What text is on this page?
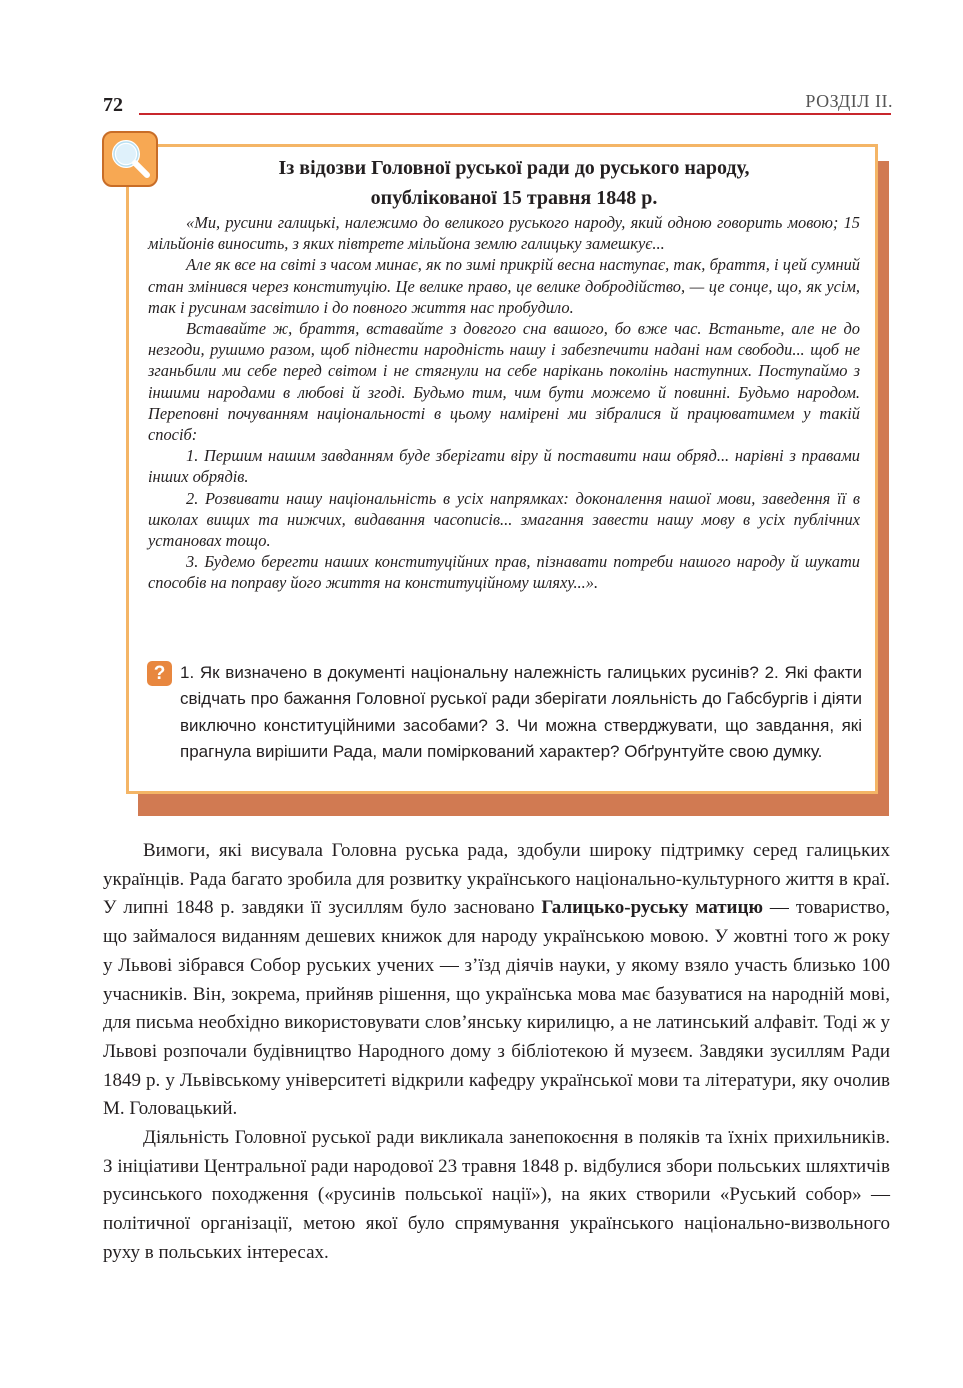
72	РОЗДІЛ II.
Із відозви Головної руської ради до руського народу,
опублікованої 15 травня 1848 р.

«Ми, русини галицькі, належимо до великого руського народу, який одною говорить мовою; 15 мільйонів виносить, з яких півтрете мільйона землю галицьку замешкує...

Але як все на світі з часом минає, як по зимі прикрій весна наступає, так, браття, і цей сумний стан змінився через конституцію. Це велике право, це велике добродійство, — це сонце, що, як усім, так і русинам засвітило і до повного життя нас пробудило.

Вставайте ж, браття, вставайте з довгого сна вашого, бо вже час. Встаньте, але не до незгоди, рушимо разом, щоб піднести народність нашу і забезпечити надані нам свободи... щоб не зганьбили ми себе перед світом і не стягнули на себе нарікань поколінь наступних. Поступаймо з іншими народами в любові й згоді. Будьмо тим, чим бути можемо й повинні. Будьмо народом. Переповні почуванням національності в цьому намірені ми зібралися й працюватимем у такій спосіб:

1. Першим нашим завданням буде зберігати віру й поставити наш обряд... нарівні з правами інших обрядів.

2. Розвивати нашу національність в усіх напрямках: доконалення нашої мови, заведення її в школах вищих та нижчих, видавання часописів... змагання завести нашу мову в усіх публічних установах тощо.

3. Будемо берегти наших конституційних прав, пізнавати потреби нашого народу й шукати способів на поправу його життя на конституційному шляху...».

? 1. Як визначено в документі національну належність галицьких русинів? 2. Які факти свідчать про бажання Головної руської ради зберігати лояльність до Габсбургів і діяти виключно конституційними засобами? 3. Чи можна стверджувати, що завдання, які прагнула вирішити Рада, мали поміркований характер? Обґрунтуйте свою думку.

Вимоги, які висувала Головна руська рада, здобули широку підтримку серед галицьких українців. Рада багато зробила для розвитку українського національно-культурного життя в краї. У липні 1848 р. завдяки її зусиллям було засновано Галицько-руську матицю — товариство, що займалося виданням дешевих книжок для народу українською мовою. У жовтні того ж року у Львові зібрався Собор руських учених — з’їзд діячів науки, у якому взяло участь близько 100 учасників. Він, зокрема, прийняв рішення, що українська мова має базуватися на народній мові, для письма необхідно використовувати слов’янську кирилицю, а не латинський алфавіт. Тоді ж у Львові розпочали будівництво Народного дому з бібліотекою й музеєм. Завдяки зусиллям Ради 1849 р. у Львівському університеті відкрили кафедру української мови та літератури, яку очолив М. Головацький.

Діяльність Головної руської ради викликала занепокоєння в поляків та їхніх прихильників. З ініціативи Центральної ради народової 23 травня 1848 р. відбулися збори польських шляхтичів русинського походження («русинів польської нації»), на яких створили «Руський собор» — політичної організації, метою якої було спрямування українського національно-визвольного руху в польських інтересах.
